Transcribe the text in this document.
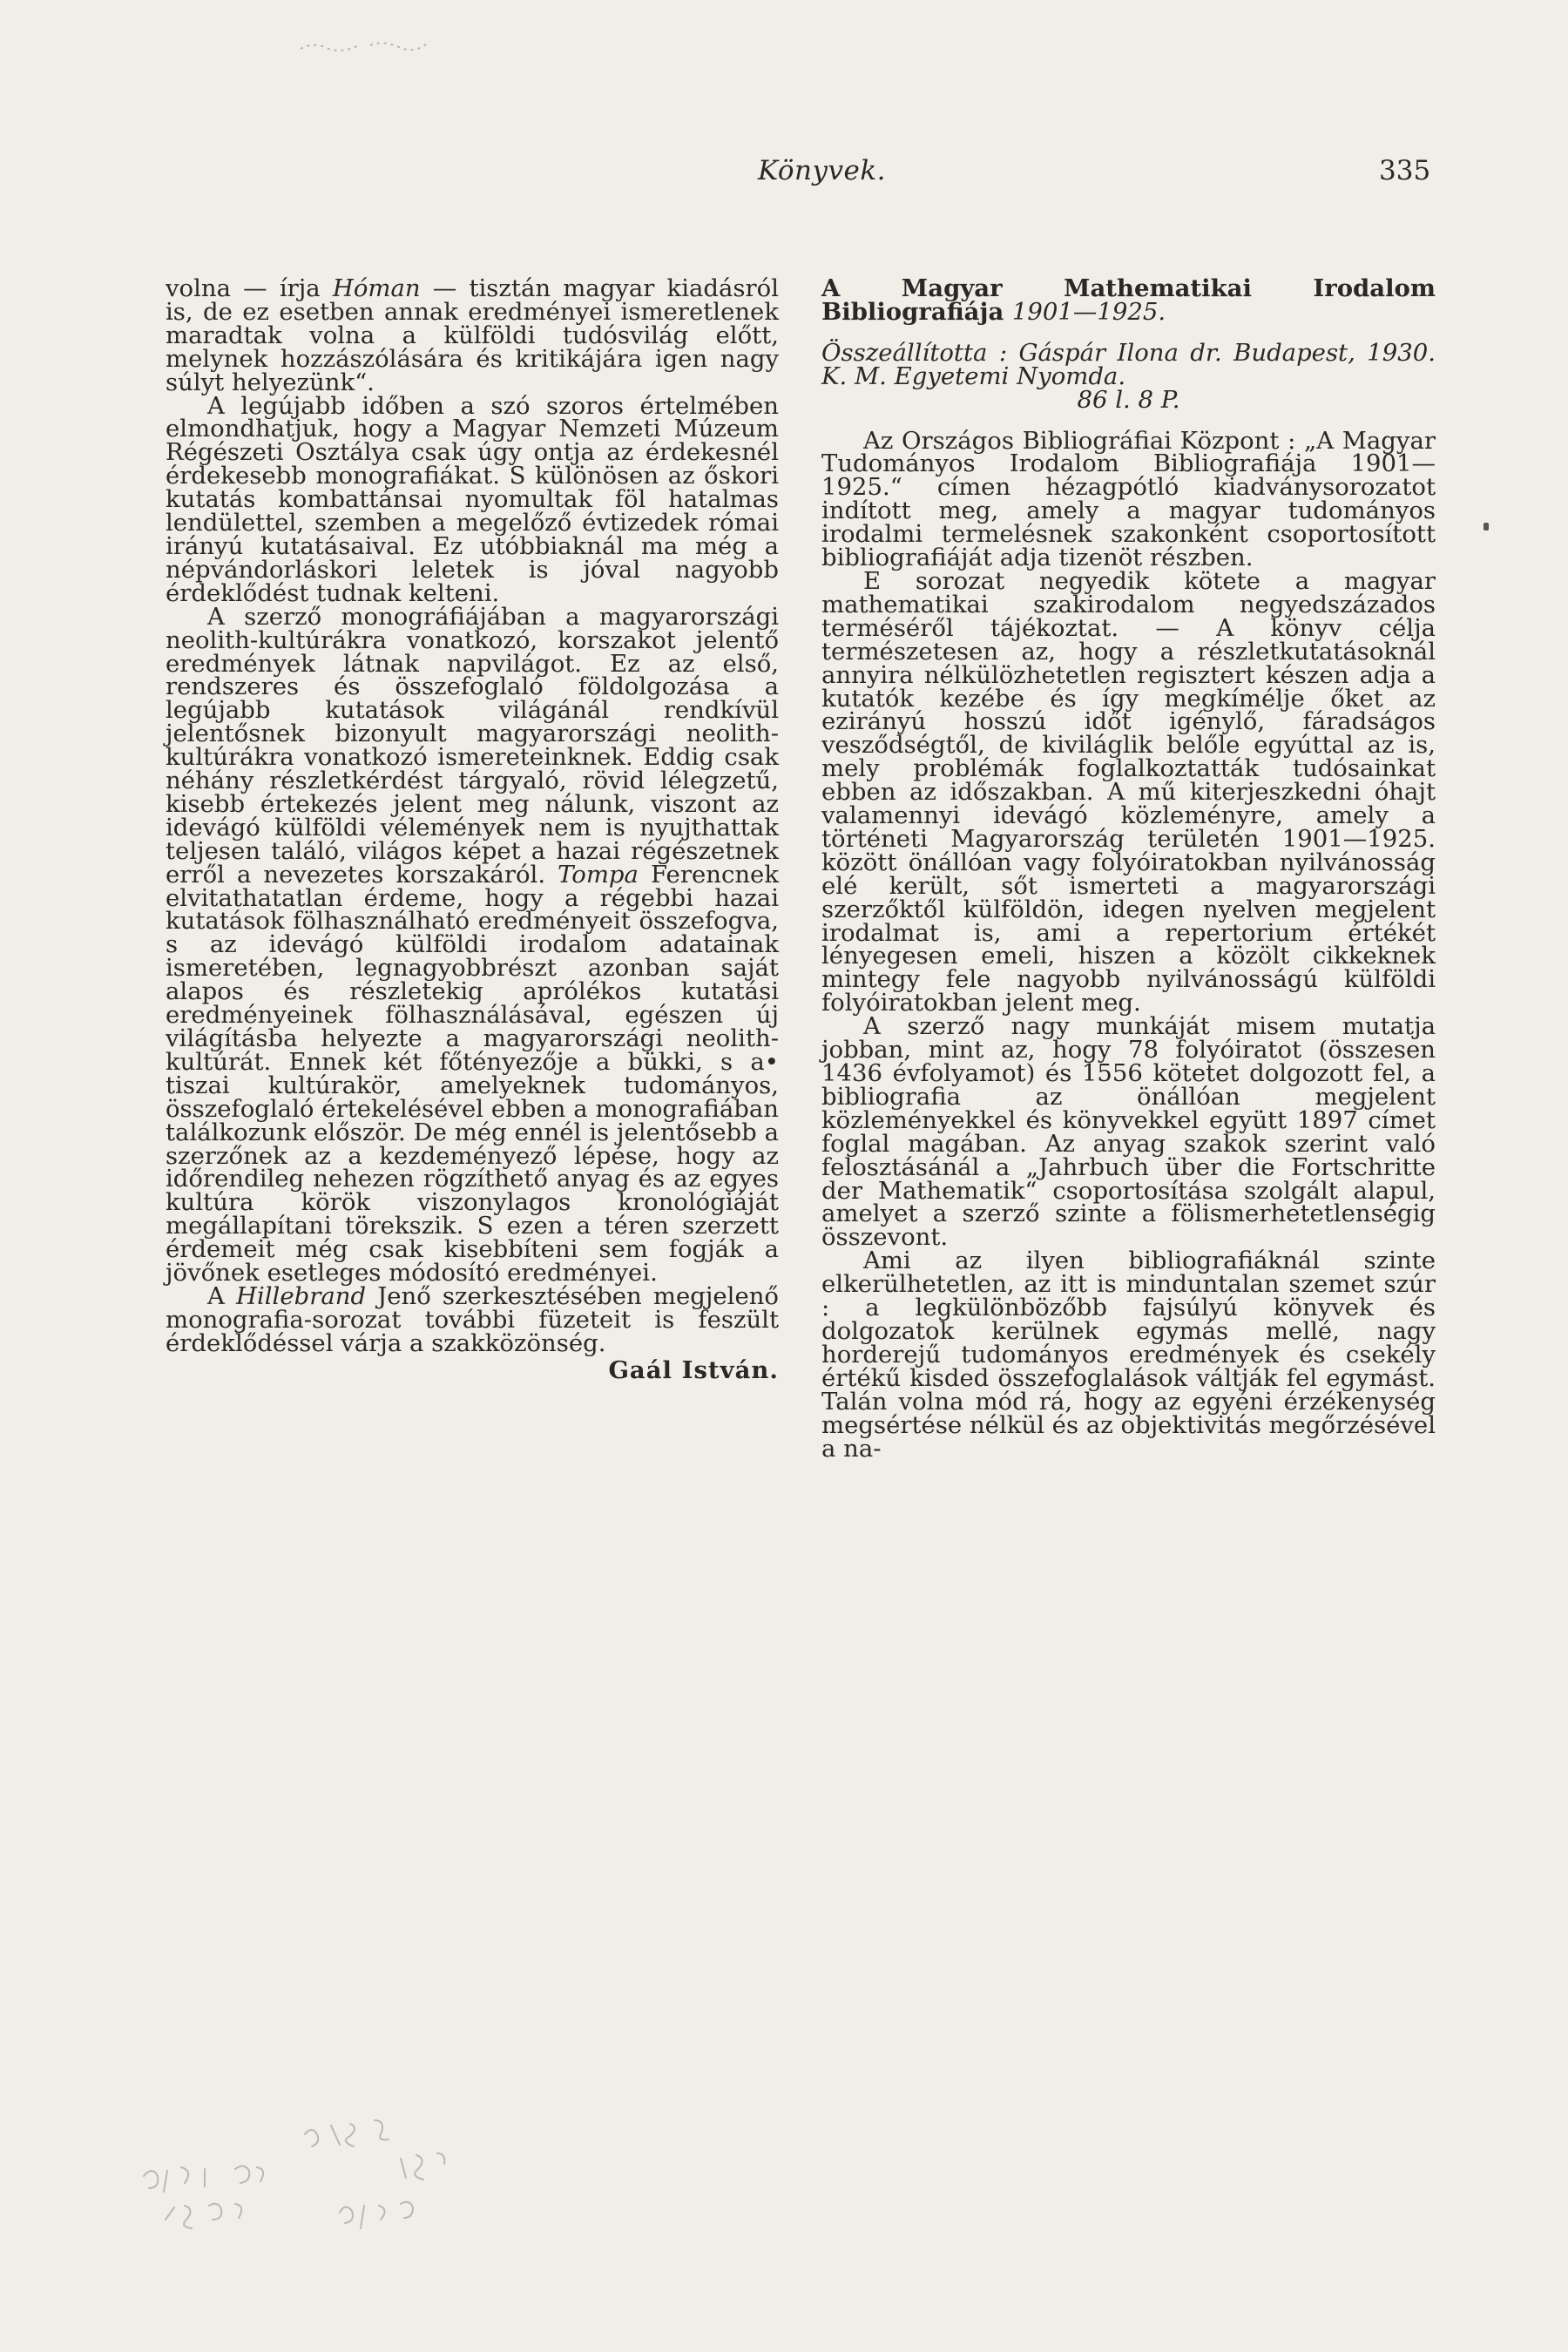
Könyvek.	335

volna — írja Hóman — tisztán magyar kiadásról is, de ez esetben annak eredményei ismeretlenek maradtak volna a külföldi tudósvilág előtt, melynek hozzászólására és kritikájára igen nagy súlyt helyezünk“.

A legújabb időben a szó szoros értelmében elmondhatjuk, hogy a Magyar Nemzeti Múzeum Régészeti Osztálya csak úgy ontja az érdekesnél érdekesebb monografiákat. S különösen az őskori kutatás kombattánsai nyomultak föl hatalmas lendülettel, szemben a megelőző évtizedek római irányú kutatásaival. Ez utóbbiaknál ma még a népvándorláskori leletek is jóval nagyobb érdeklődést tudnak kelteni.

A szerző monográfiájában a magyarországi neolith-kultúrákra vonatkozó, korszakot jelentő eredmények látnak napvilágot. Ez az első, rendszeres és összefoglaló földolgozása a legújabb kutatások világánál rendkívül jelentősnek bizonyult magyarországi neolith-kultúrákra vonatkozó ismereteinknek. Eddig csak néhány részletkérdést tárgyaló, rövid lélegzetű, kisebb értekezés jelent meg nálunk, viszont az idevágó külföldi vélemények nem is nyujthattak teljesen találó, világos képet a hazai régészetnek erről a nevezetes korszakáról. Tompa Ferencnek elvitathatatlan érdeme, hogy a régebbi hazai kutatások fölhasználható eredményeit összefogva, s az idevágó külföldi irodalom adatainak ismeretében, legnagyobbrészt azonban saját alapos és részletekig aprólékos kutatási eredményeinek fölhasználásával, egészen új világításba helyezte a magyarországi neolith-kultúrát. Ennek két főtényezője a bükki, s a• tiszai kultúrakör, amelyeknek tudományos, összefoglaló értekelésével ebben a monografiában találkozunk először. De még ennél is jelentősebb a szerzőnek az a kezdeményező lépése, hogy az időrendileg nehezen rögzíthető anyag és az egyes kultúra körök viszonylagos kronológiáját megállapítani törekszik. S ezen a téren szerzett érdemeit még csak kisebbíteni sem fogják a jövőnek esetleges módosító eredményei.

A Hillebrand Jenő szerkesztésében megjelenő monografia-sorozat további füzeteit is feszült érdeklődéssel várja a szakközönség.

Gaál István.

A Magyar Mathematikai Irodalom Bibliografiája 1901—1925.

Összeállította : Gáspár Ilona dr. Budapest, 1930. K. M. Egyetemi Nyomda.
86 l. 8 P.

Az Országos Bibliográfiai Központ : „A Magyar Tudományos Irodalom Bibliografiája 1901—1925.“ címen hézagpótló kiadványsorozatot indított meg, amely a magyar tudományos irodalmi termelésnek szakonként csoportosított bibliografiáját adja tizenöt részben.

E sorozat negyedik kötete a magyar mathematikai szakirodalom negyedszázados terméséről tájékoztat. — A könyv célja természetesen az, hogy a részletkutatásoknál annyira nélkülözhetetlen regisztert készen adja a kutatók kezébe és így megkímélje őket az ezirányú hosszú időt igénylő, fáradságos vesződségtől, de kiviláglik belőle egyúttal az is, mely problémák foglalkoztatták tudósainkat ebben az időszakban. A mű kiterjeszkedni óhajt valamennyi idevágó közleményre, amely a történeti Magyarország területén 1901—1925. között önállóan vagy folyóiratokban nyilvánosság elé került, sőt ismerteti a magyarországi szerzőktől külföldön, idegen nyelven megjelent irodalmat is, ami a repertorium értékét lényegesen emeli, hiszen a közölt cikkeknek mintegy fele nagyobb nyilvánosságú külföldi folyóiratokban jelent meg.

A szerző nagy munkáját misem mutatja jobban, mint az, hogy 78 folyóiratot (összesen 1436 évfolyamot) és 1556 kötetet dolgozott fel, a bibliografia az önállóan megjelent közleményekkel és könyvekkel együtt 1897 címet foglal magában. Az anyag szakok szerint való felosztásánál a „Jahrbuch über die Fortschritte der Mathematik“ csoportosítása szolgált alapul, amelyet a szerző szinte a fölismerhetetlenségig összevont.

Ami az ilyen bibliografiáknál szinte elkerülhetetlen, az itt is minduntalan szemet szúr : a legkülönbözőbb fajsúlyú könyvek és dolgozatok kerülnek egymás mellé, nagy horderejű tudományos eredmények és csekély értékű kisded összefoglalások váltják fel egymást. Talán volna mód rá, hogy az egyéni érzékenység megsértése nélkül és az objektivitás megőrzésével a na-
